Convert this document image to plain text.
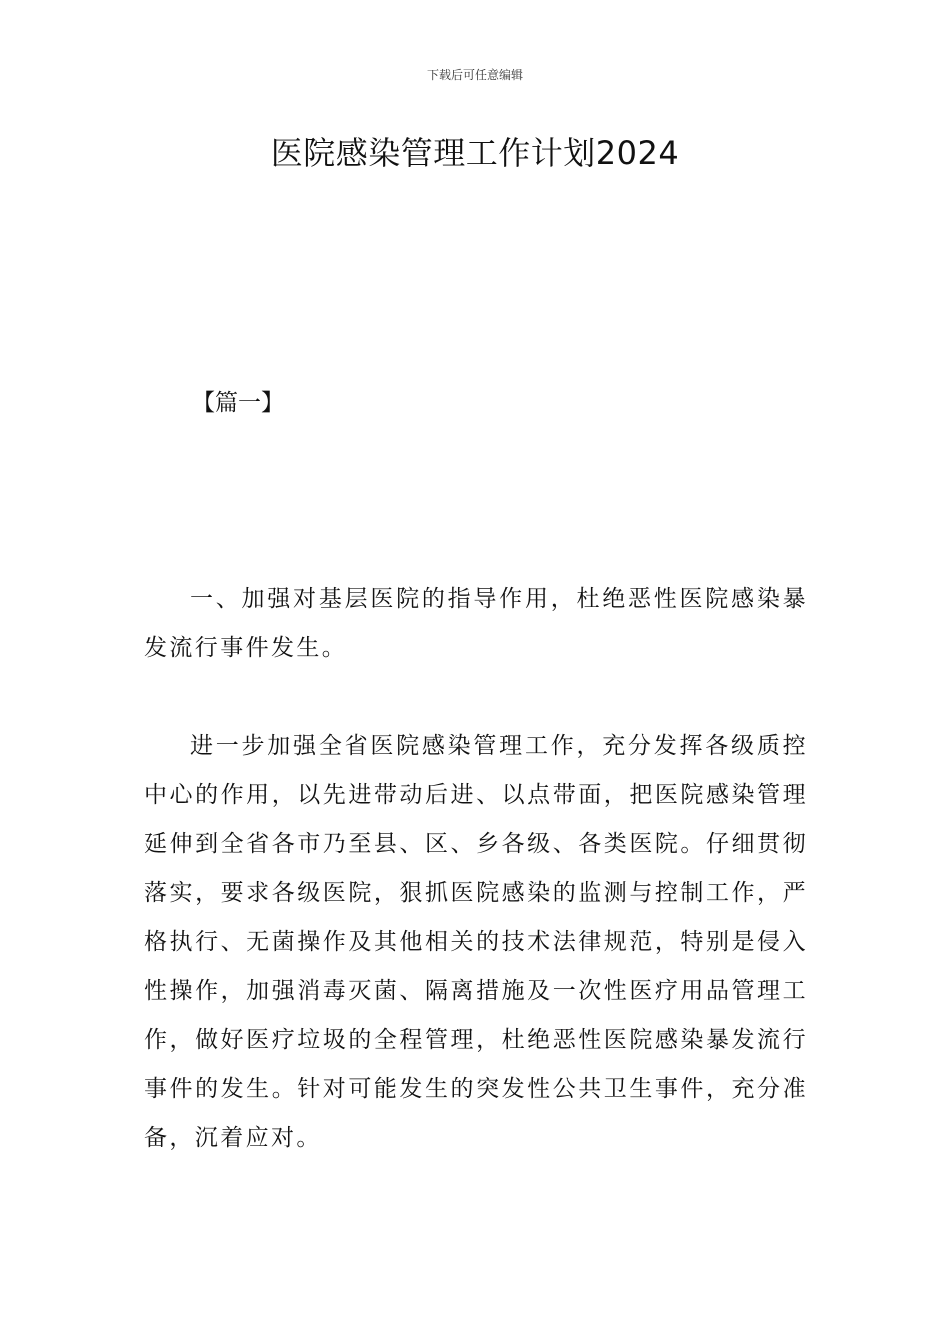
下载后可任意编辑
医院感染管理工作计划2024
【篇一】

一、加强对基层医院的指导作用，杜绝恶性医院感染暴发流行事件发生。

进一步加强全省医院感染管理工作，充分发挥各级质控中心的作用，以先进带动后进、以点带面，把医院感染管理延伸到全省各市乃至县、区、乡各级、各类医院。仔细贯彻落实，要求各级医院，狠抓医院感染的监测与控制工作，严格执行、无菌操作及其他相关的技术法律规范，特别是侵入性操作，加强消毒灭菌、隔离措施及一次性医疗用品管理工作，做好医疗垃圾的全程管理，杜绝恶性医院感染暴发流行事件的发生。针对可能发生的突发性公共卫生事件，充分准备，沉着应对。
